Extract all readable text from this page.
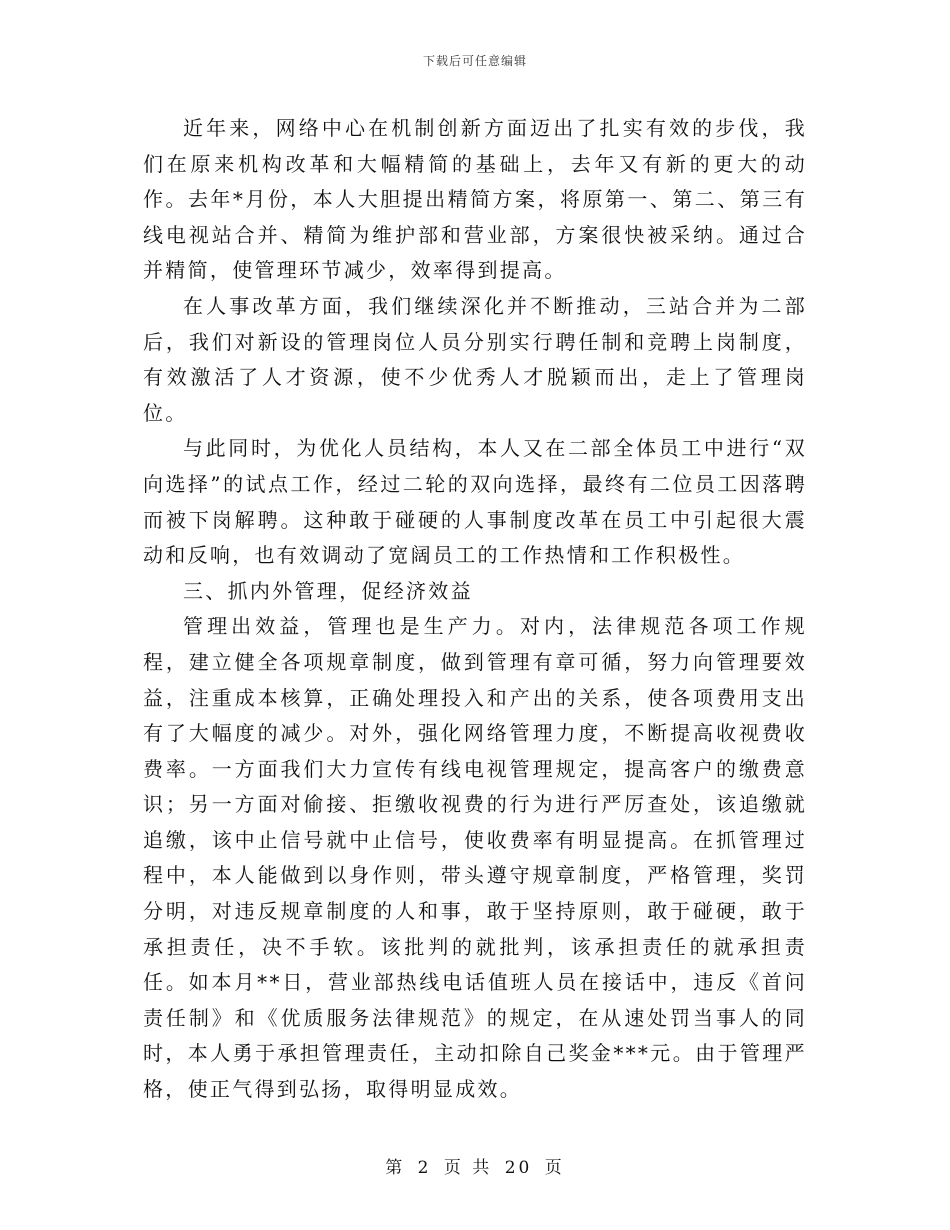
下载后可任意编辑

近年来，网络中心在机制创新方面迈出了扎实有效的步伐，我们在原来机构改革和大幅精简的基础上，去年又有新的更大的动作。去年*月份，本人大胆提出精简方案，将原第一、第二、第三有线电视站合并、精简为维护部和营业部，方案很快被采纳。通过合并精简，使管理环节减少，效率得到提高。

在人事改革方面，我们继续深化并不断推动，三站合并为二部后，我们对新设的管理岗位人员分别实行聘任制和竞聘上岗制度，有效激活了人才资源，使不少优秀人才脱颖而出，走上了管理岗位。

与此同时，为优化人员结构，本人又在二部全体员工中进行“双向选择”的试点工作，经过二轮的双向选择，最终有二位员工因落聘而被下岗解聘。这种敢于碰硬的人事制度改革在员工中引起很大震动和反响，也有效调动了宽阔员工的工作热情和工作积极性。

三、抓内外管理，促经济效益

管理出效益，管理也是生产力。对内，法律规范各项工作规程，建立健全各项规章制度，做到管理有章可循，努力向管理要效益，注重成本核算，正确处理投入和产出的关系，使各项费用支出有了大幅度的减少。对外，强化网络管理力度，不断提高收视费收费率。一方面我们大力宣传有线电视管理规定，提高客户的缴费意识；另一方面对偷接、拒缴收视费的行为进行严厉查处，该追缴就追缴，该中止信号就中止信号，使收费率有明显提高。在抓管理过程中，本人能做到以身作则，带头遵守规章制度，严格管理，奖罚分明，对违反规章制度的人和事，敢于坚持原则，敢于碰硬，敢于承担责任，决不手软。该批判的就批判，该承担责任的就承担责任。如本月**日，营业部热线电话值班人员在接话中，违反《首问责任制》和《优质服务法律规范》的规定，在从速处罚当事人的同时，本人勇于承担管理责任，主动扣除自己奖金***元。由于管理严格，使正气得到弘扬，取得明显成效。

第 2 页 共 20 页
